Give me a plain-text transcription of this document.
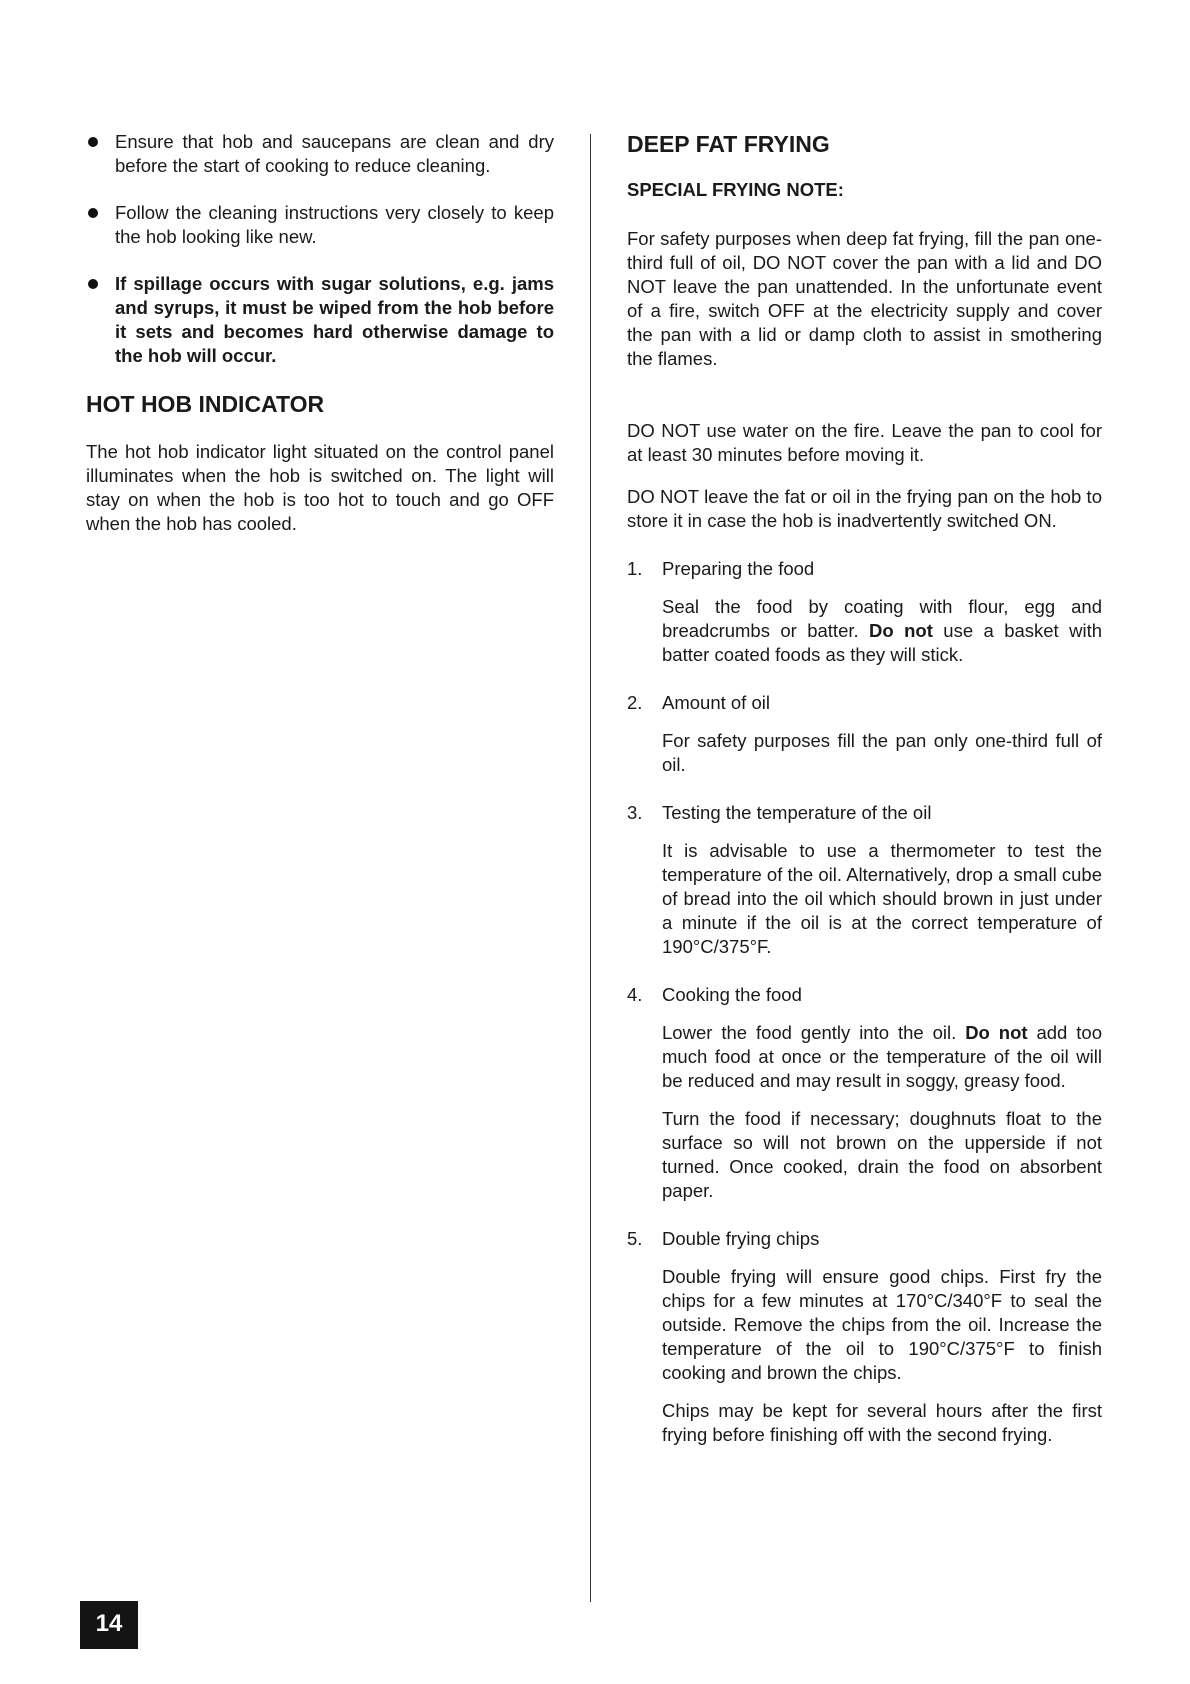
Ensure that hob and saucepans are clean and dry before the start of cooking to reduce cleaning.
Follow the cleaning instructions very closely to keep the hob looking like new.
If spillage occurs with sugar solutions, e.g. jams and syrups, it must be wiped from the hob before it sets and becomes hard otherwise damage to the hob will occur.
HOT HOB INDICATOR

The hot hob indicator light situated on the control panel illuminates when the hob is switched on. The light will stay on when the hob is too hot to touch and go OFF when the hob has cooled.

DEEP FAT FRYING
SPECIAL FRYING NOTE:

For safety purposes when deep fat frying, fill the pan one-third full of oil, DO NOT cover the pan with a lid and DO NOT leave the pan unattended. In the unfortunate event of a fire, switch OFF at the electricity supply and cover the pan with a lid or damp cloth to assist in smothering the flames.

DO NOT use water on the fire. Leave the pan to cool for at least 30 minutes before moving it.

DO NOT leave the fat or oil in the frying pan on the hob to store it in case the hob is inadvertently switched ON.

1. Preparing the food

Seal the food by coating with flour, egg and breadcrumbs or batter. Do not use a basket with batter coated foods as they will stick.

2. Amount of oil

For safety purposes fill the pan only one-third full of oil.

3. Testing the temperature of the oil

It is advisable to use a thermometer to test the temperature of the oil. Alternatively, drop a small cube of bread into the oil which should brown in just under a minute if the oil is at the correct temperature of 190°C/375°F.

4. Cooking the food

Lower the food gently into the oil. Do not add too much food at once or the temperature of the oil will be reduced and may result in soggy, greasy food.

Turn the food if necessary; doughnuts float to the surface so will not brown on the upperside if not turned. Once cooked, drain the food on absorbent paper.

5. Double frying chips

Double frying will ensure good chips. First fry the chips for a few minutes at 170°C/340°F to seal the outside. Remove the chips from the oil. Increase the temperature of the oil to 190°C/375°F to finish cooking and brown the chips.

Chips may be kept for several hours after the first frying before finishing off with the second frying.

14
